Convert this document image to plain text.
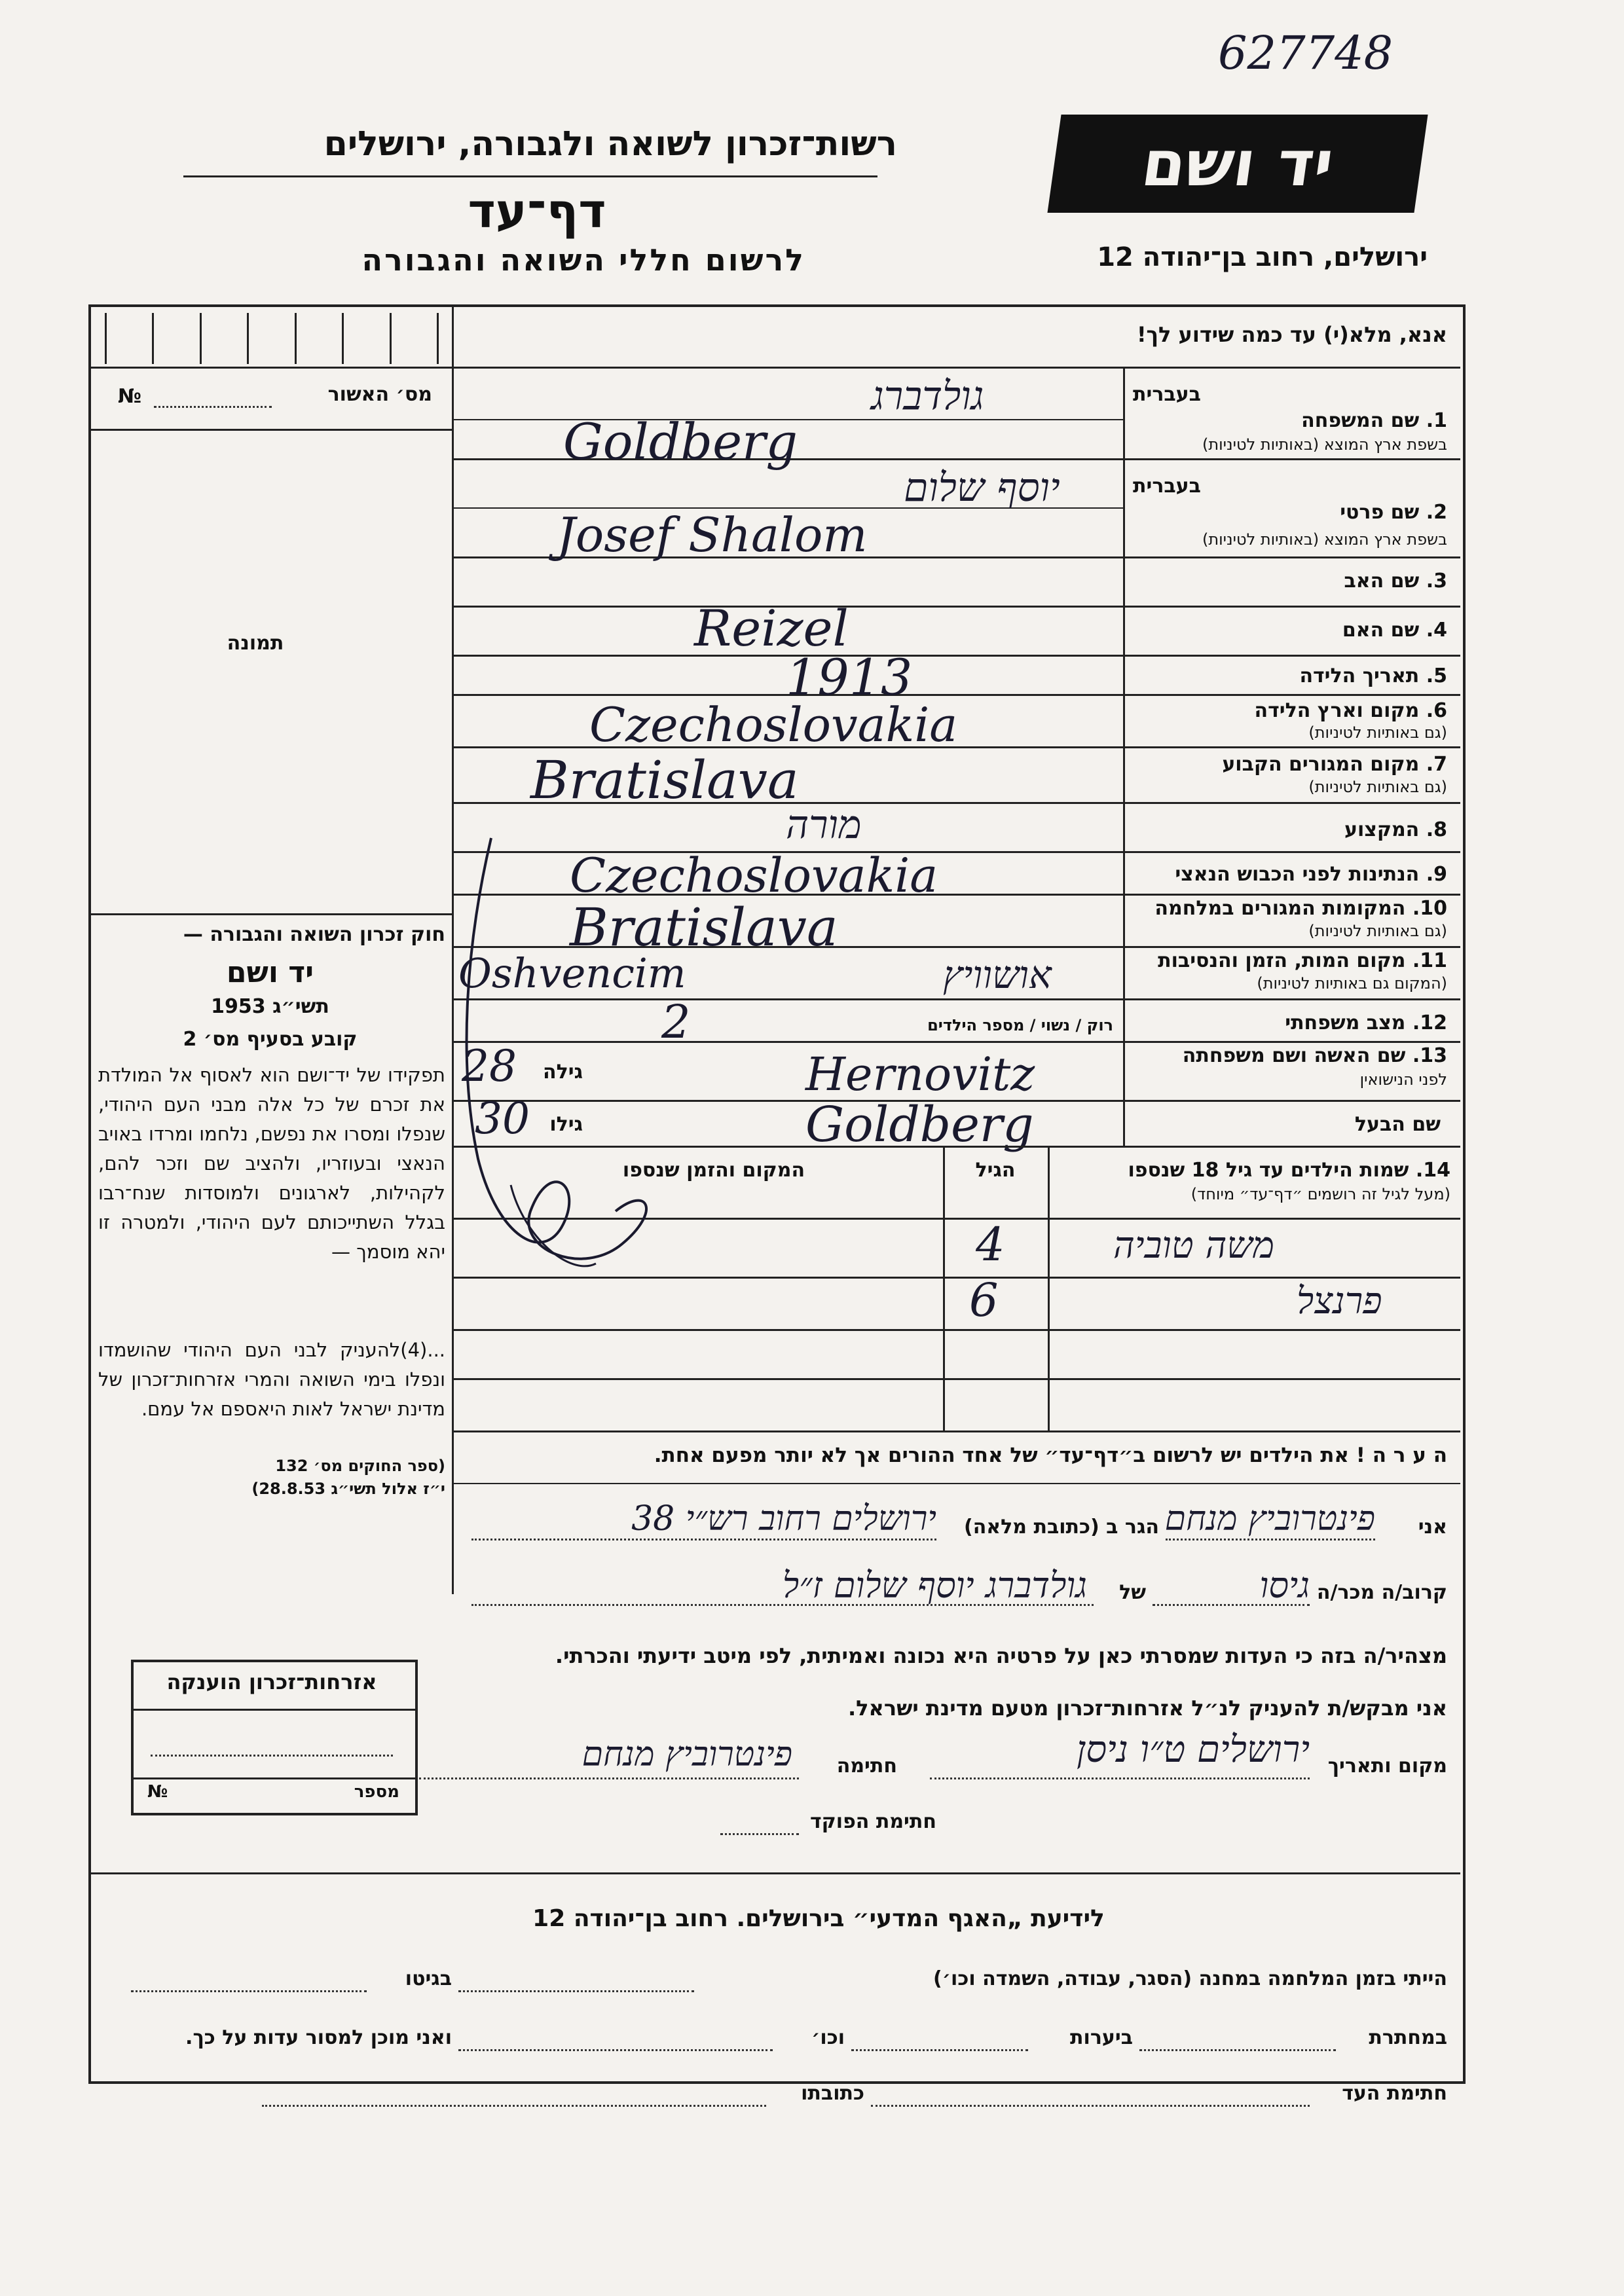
627748
רשות־זכרון לשואה ולגבורה, ירושלים
דף־עד
לרשום חללי השואה והגבורה
יד ושם
ירושלים, רחוב בן־יהודה 12
מס׳ האשור
№
תמונה
חוק זכרון השואה והגבורה —
יד ושם
תשי״ג 1953
קובע בסעיף מס׳ 2
תפקידו של יד־ושם הוא לאסוף אל המולדת את זכרם של כל אלה מבני העם היהודי, שנפלו ומסרו את נפשם, נלחמו ומרדו באויב הנאצי ובעוזריו, ולהציב שם וזכר להם, לקהילות, לארגונים ולמוסדות שנח־רבו בגלל השתייכותם לעם היהודי, ולמטרה זו יהא מוסמך —
...(4)להעניק לבני העם היהודי שהושמדו ונפלו בימי השואה והמרי אזרחות־זכרון של מדינת ישראל לאות היאספם אל עמם.
(ספר החוקים מס׳ 132
י״ז אלול תשי״ג 28.8.53)
אנא, מלא(י) עד כמה שידוע לך!
בעברית
1. שם המשפחה
בשפת ארץ המוצא (באותיות לטיניות)
גולדברג
Goldberg
בעברית
2. שם פרטי
בשפת ארץ המוצא (באותיות לטיניות)
יוסף שלום
Josef Shalom
3. שם האב
4. שם האם
Reizel
5. תאריך הלידה
1913
6. מקום וארץ הלידה
(גם באותיות לטיניות)
Czechoslovakia
7. מקום המגורים הקבוע
(גם באותיות לטיניות)
Bratislava
8. המקצוע
מורה
9. הנתינות לפני הכבוש הנאצי
Czechoslovakia
10. המקומות המגורים במלחמה
(גם באותיות לטיניות)
Bratislava
11. מקום המות, הזמן והנסיבות
(המקום גם באותיות לטיניות)
Oshvencim	אושוויץ
12. מצב משפחתי
רוק / נשוי / מספר הילדים
2
13. שם האשה ושם משפחתה
לפני הנישואין
גילה
28	Hernovitz
שם הבעל
גילו
30	Goldberg
14. שמות הילדים עד גיל 18 שנספו
(מעל לגיל זה רושמים ״דף־עד״ מיוחד)
הגיל
המקום והזמן שנספו
משה טוביה
4
פרנצל
6
ה ע ר ה ! את הילדים יש לרשום ב״דף־עד״ של אחד ההורים אך לא יותר מפעם אחת.
אני
פינטרוביץ מנחם
הגר ב (כתובת מלאה)
ירושלים רחוב רש״י 38
קרוב/ה מכר/ה
גיסו
של
גולדברג יוסף שלום ז״ל
מצהיר/ה בזה כי העדות שמסרתי כאן על פרטיה היא נכונה ואמיתית, לפי מיטב ידיעתי והכרתי.
אני מבקש/ת להעניק לנ״ל אזרחות־זכרון מטעם מדינת ישראל.
מקום ותאריך
ירושלים ט״ו ניסן
חתימה
פינטרוביץ מנחם
חתימת הפוקד
אזרחות־זכרון הוענקה
מספר
№
לידיעת „האגף המדעי״ בירושלים. רחוב בן־יהודה 12
הייתי בזמן המלחמה במחנה (הסגר, עבודה, השמדה וכו׳)
בגיטו
במחתרת
ביערות
וכו׳
ואני מוכן למסור עדות על כך.
חתימת העד
כתובתו
